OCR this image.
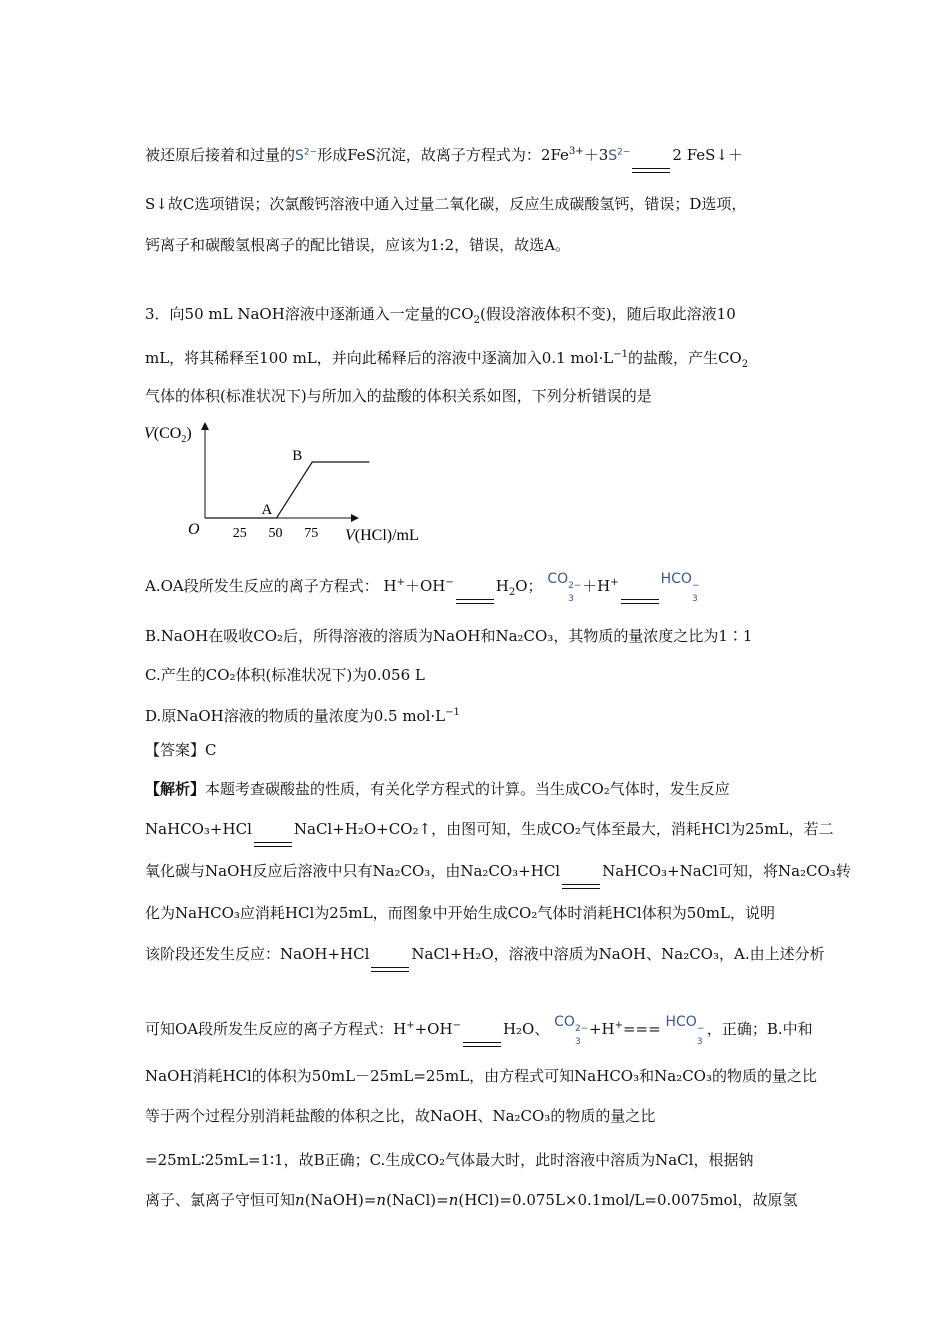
被还原后接着和过量的$S^{2-}$形成FeS沉淀，故离子方程式为：$2Fe^{3+}+3S^{2-}$	2 FeS↓＋
S↓故C选项错误；次氯酸钙溶液中通入过量二氧化碳，反应生成碳酸氢钙，错误；D选项，
钙离子和碳酸氢根离子的配比错误，应该为1:2，错误，故选A。
3．向50 mL NaOH溶液中逐渐通入一定量的$CO_2$(假设溶液体积不变)，随后取此溶液10
mL，将其稀释至100 mL，并向此稀释后的溶液中逐滴加入0.1 $mol\cdot L^{-1}$的盐酸，产生$CO_2$
气体的体积(标准状况下)与所加入的盐酸的体积关系如图，下列分析错误的是
$V(CO_2)$
O 25 50 75
A
B
V(HCl)/mL
A.OA段所发生反应的离子方程式： H+＋OH−	$H_2O$； CO 2−
3
＋H+	HCO −
3
B.NaOH在吸收CO₂后，所得溶液的溶质为NaOH和Na₂CO₃，其物质的量浓度之比为1∶1
C.产生的CO₂体积(标准状况下)为0.056 L
D.原NaOH溶液的物质的量浓度为0.5 $mol\cdot L^{-1}$
【答案】C
【解析】本题考查碳酸盐的性质，有关化学方程式的计算。当生成CO₂气体时，发生反应
NaHCO₃+HCl	NaCl+H₂O+CO₂↑，由图可知，生成CO₂气体至最大，消耗HCl为25mL，若二
氧化碳与NaOH反应后溶液中只有Na₂CO₃，由Na₂CO₃+HCl	NaHCO₃+NaCl可知，将Na₂CO₃转
化为NaHCO₃应消耗HCl为25mL，而图象中开始生成CO₂气体时消耗HCl体积为50mL，说明
该阶段还发生反应：NaOH+HCl	NaCl+H₂O，溶液中溶质为NaOH、Na₂CO₃，A.由上述分析
可知OA段所发生反应的离子方程式：H++OH−	H₂O、 CO 2−
3
+H+=== HCO −
3
，正确；B.中和
NaOH消耗HCl的体积为50mL－25mL=25mL，由方程式可知NaHCO₃和Na₂CO₃的物质的量之比
等于两个过程分别消耗盐酸的体积之比，故NaOH、Na₂CO₃的物质的量之比
=25mL∶25mL=1∶1，故B正确；C.生成CO₂气体最大时，此时溶液中溶质为NaCl，根据钠
离子、氯离子守恒可知n(NaOH)=n(NaCl)=n(HCl)=0.075L×0.1mol/L=0.0075mol，故原氢
